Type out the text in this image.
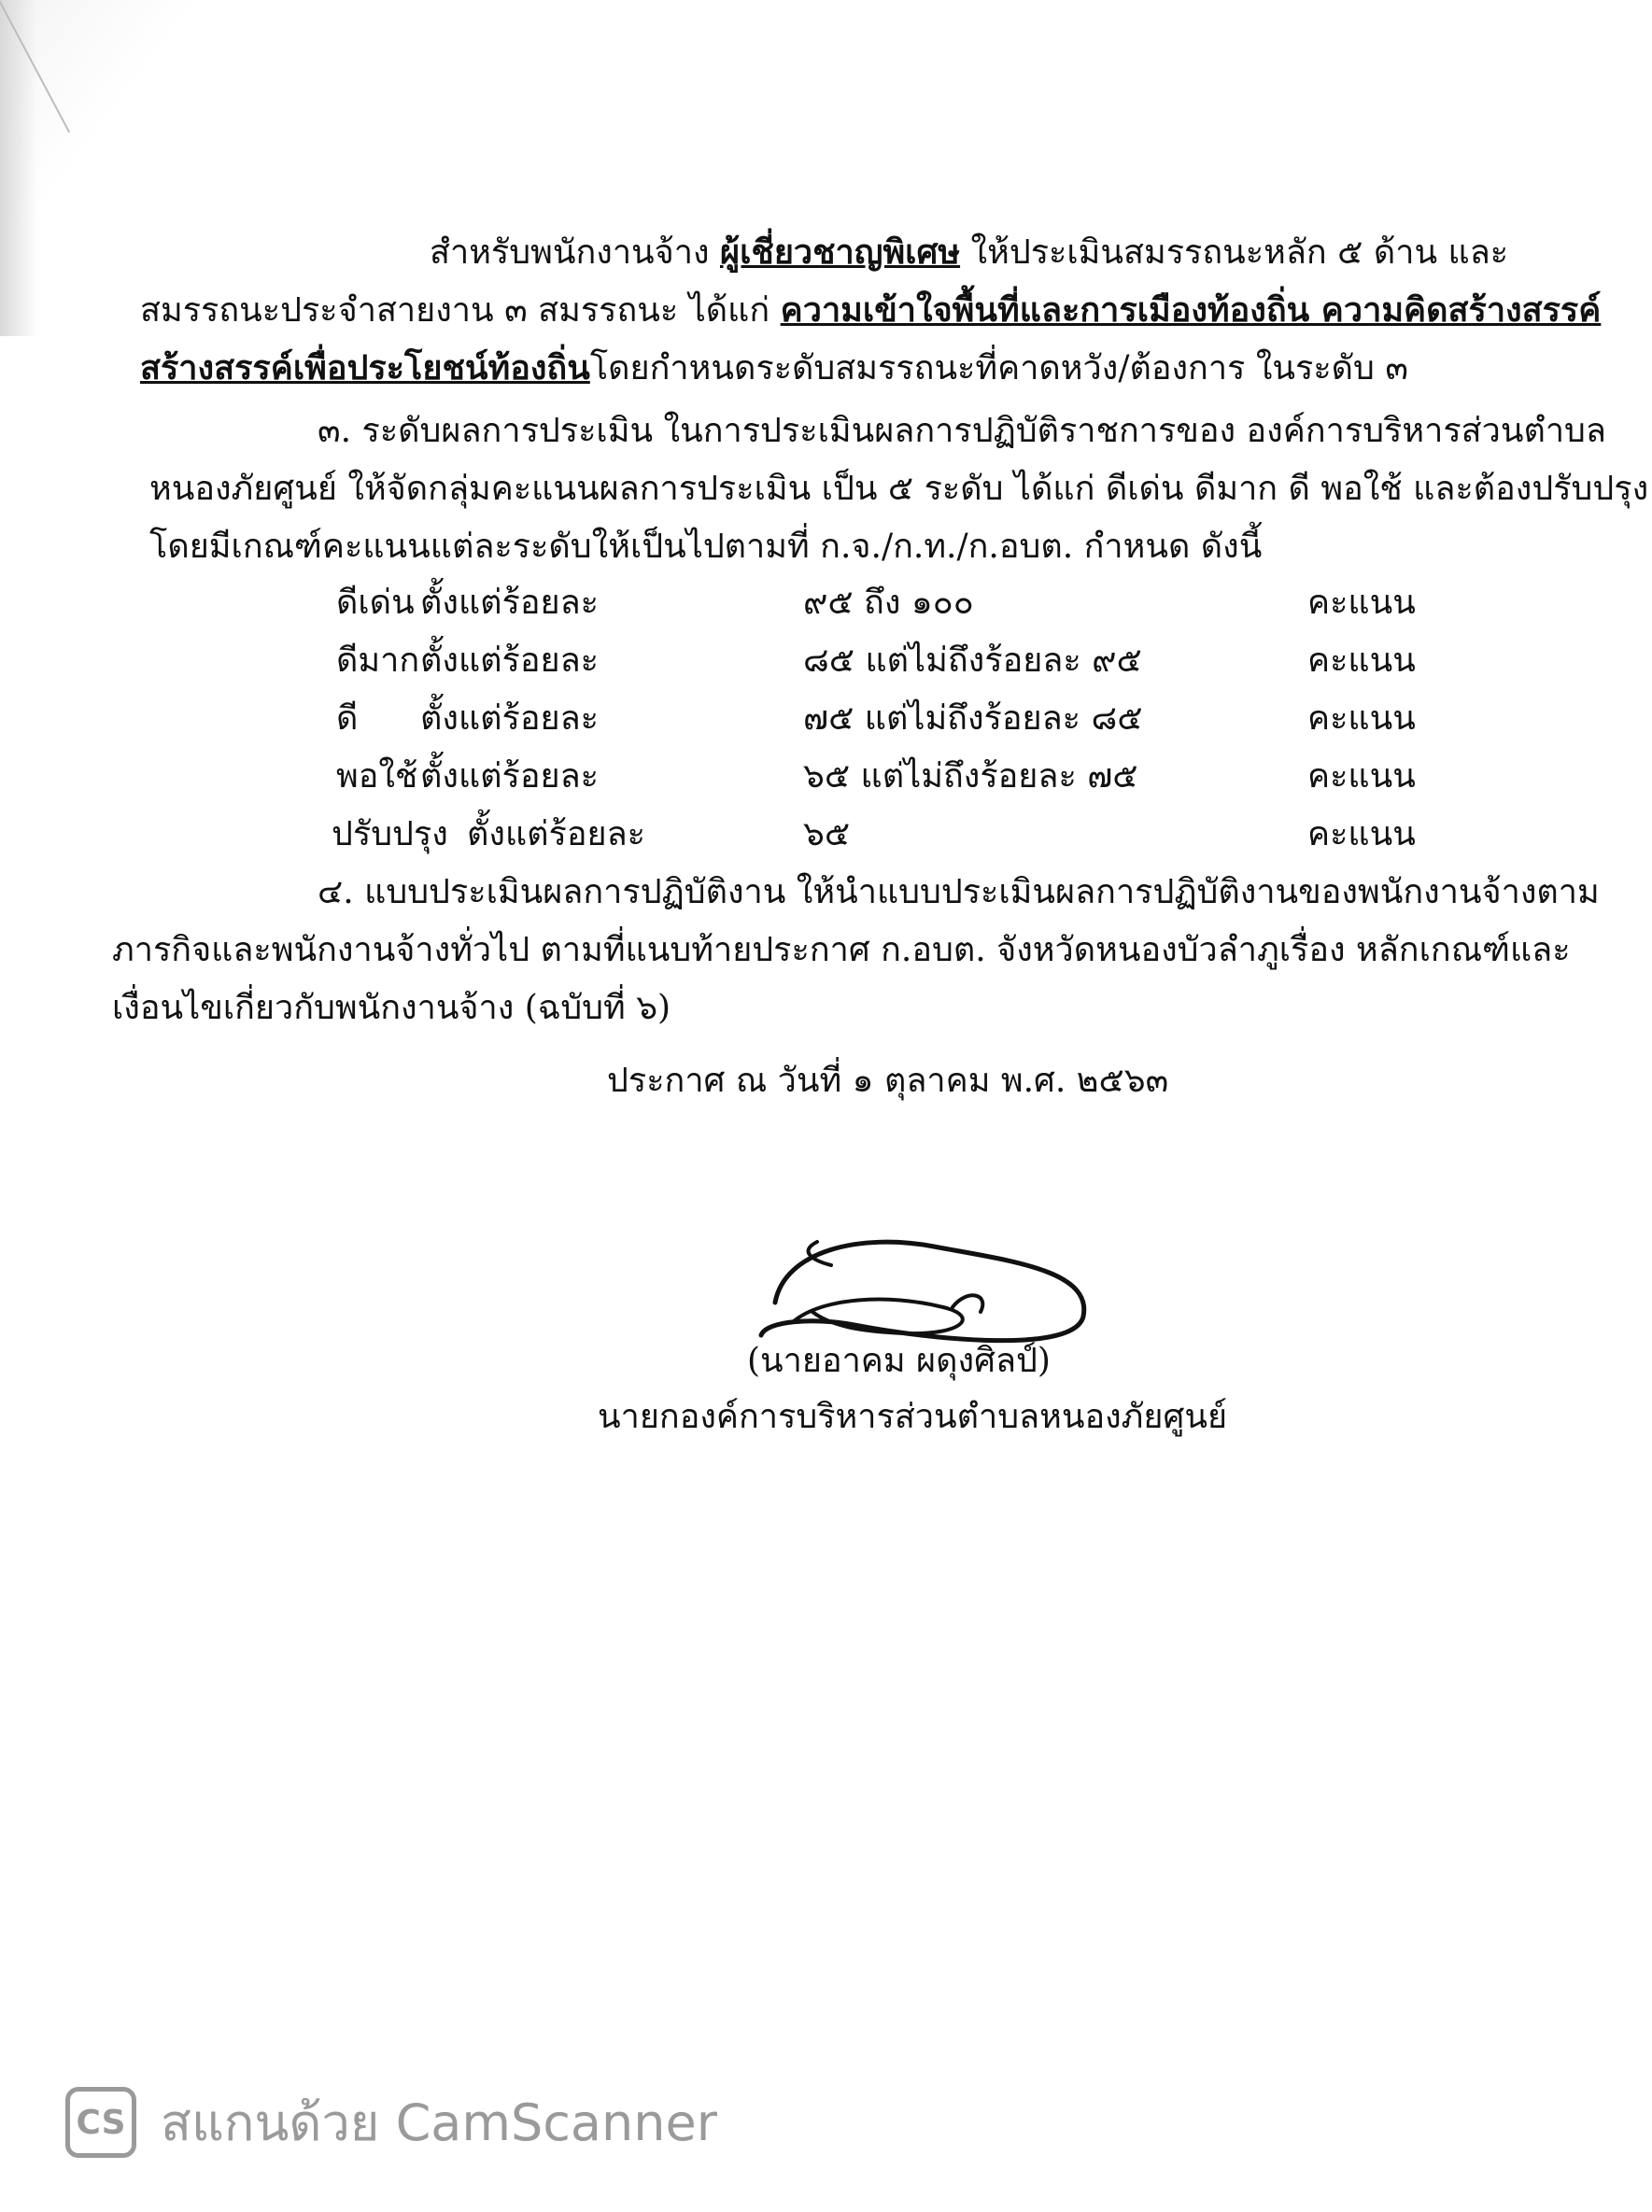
สำหรับพนักงานจ้าง ผู้เชี่ยวชาญพิเศษ ให้ประเมินสมรรถนะหลัก ๕ ด้าน และ
สมรรถนะประจำสายงาน ๓ สมรรถนะ ได้แก่ ความเข้าใจพื้นที่และการเมืองท้องถิ่น ความคิดสร้างสรรค์
สร้างสรรค์เพื่อประโยชน์ท้องถิ่นโดยกำหนดระดับสมรรถนะที่คาดหวัง/ต้องการ ในระดับ ๓
๓. ระดับผลการประเมิน ในการประเมินผลการปฏิบัติราชการของ องค์การบริหารส่วนตำบล
หนองภัยศูนย์ ให้จัดกลุ่มคะแนนผลการประเมิน เป็น ๕ ระดับ ได้แก่ ดีเด่น ดีมาก ดี พอใช้ และต้องปรับปรุง
โดยมีเกณฑ์คะแนนแต่ละระดับให้เป็นไปตามที่ ก.จ./ก.ท./ก.อบต. กำหนด ดังนี้
ดีเด่น ตั้งแต่ร้อยละ	๙๕ ถึง ๑๐๐	คะแนน
ดีมาก ตั้งแต่ร้อยละ	๘๕ แต่ไม่ถึงร้อยละ ๙๕	คะแนน
ดี ตั้งแต่ร้อยละ	๗๕ แต่ไม่ถึงร้อยละ ๘๕	คะแนน
พอใช้ ตั้งแต่ร้อยละ	๖๕ แต่ไม่ถึงร้อยละ ๗๕	คะแนน
ปรับปรุง ตั้งแต่ร้อยละ	๖๕	คะแนน
๔. แบบประเมินผลการปฏิบัติงาน ให้นำแบบประเมินผลการปฏิบัติงานของพนักงานจ้างตาม
ภารกิจและพนักงานจ้างทั่วไป ตามที่แนบท้ายประกาศ ก.อบต. จังหวัดหนองบัวลำภูเรื่อง หลักเกณฑ์และ
เงื่อนไขเกี่ยวกับพนักงานจ้าง (ฉบับที่ ๖)
ประกาศ ณ วันที่ ๑ ตุลาคม พ.ศ. ๒๕๖๓
(นายอาคม ผดุงศิลป์)
นายกองค์การบริหารส่วนตำบลหนองภัยศูนย์
CS สแกนด้วย CamScanner
